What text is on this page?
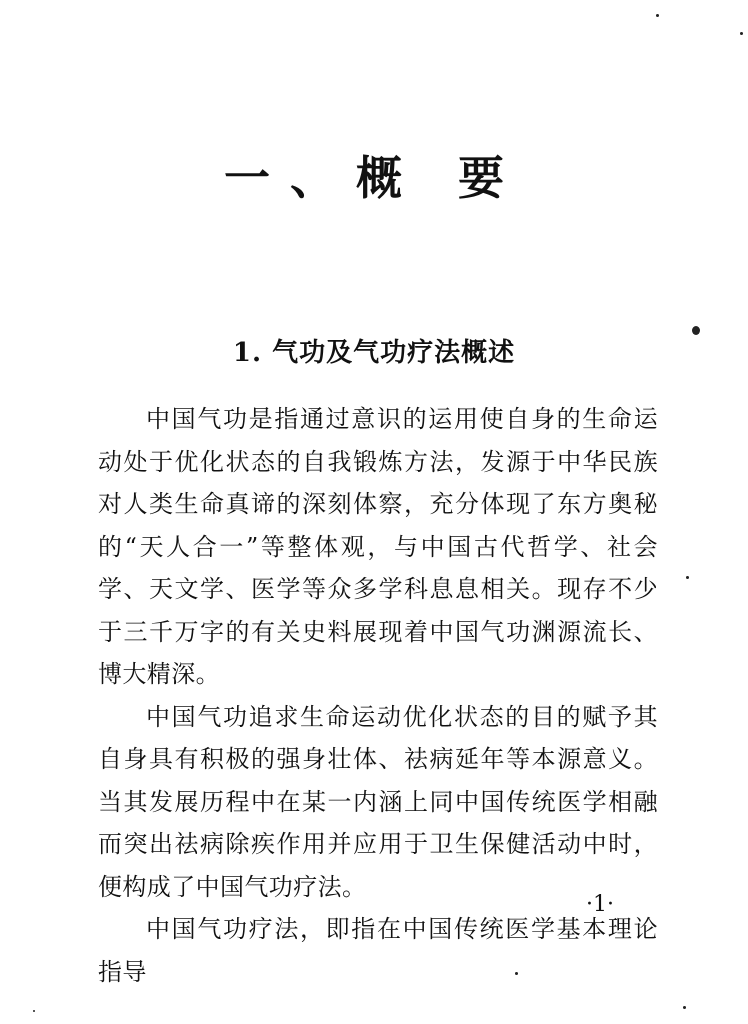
一、概 要
1. 气功及气功疗法概述

中国气功是指通过意识的运用使自身的生命运动处于优化状态的自我锻炼方法，发源于中华民族对人类生命真谛的深刻体察，充分体现了东方奥秘的“天人合一”等整体观，与中国古代哲学、社会学、天文学、医学等众多学科息息相关。现存不少于三千万字的有关史料展现着中国气功渊源流长、博大精深。

中国气功追求生命运动优化状态的目的赋予其自身具有积极的强身壮体、祛病延年等本源意义。当其发展历程中在某一内涵上同中国传统医学相融而突出祛病除疾作用并应用于卫生保健活动中时，便构成了中国气功疗法。

中国气功疗法，即指在中国传统医学基本理论指导

·1·
